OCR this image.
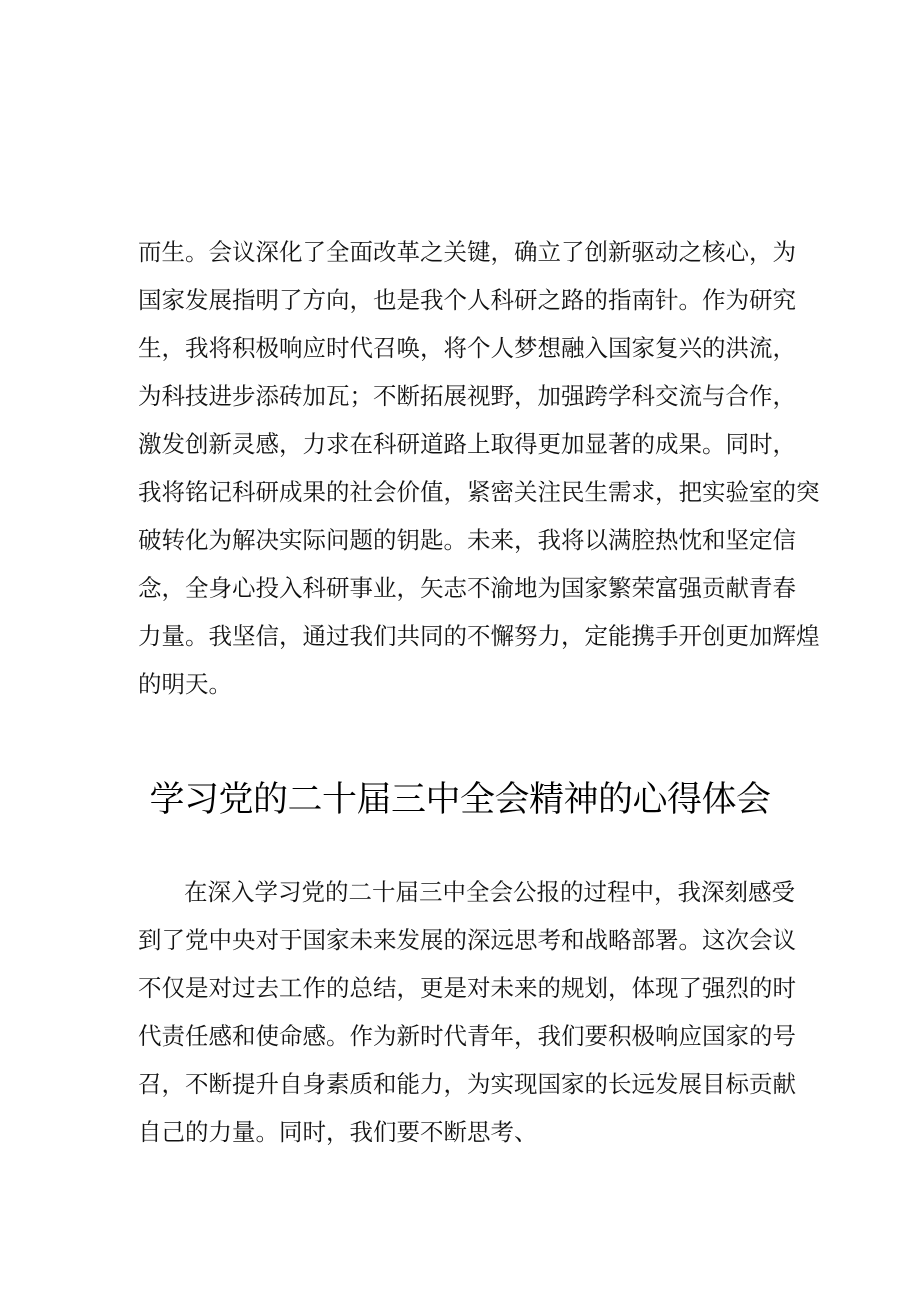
而生。会议深化了全面改革之关键，确立了创新驱动之核心，为
国家发展指明了方向，也是我个人科研之路的指南针。作为研究
生，我将积极响应时代召唤，将个人梦想融入国家复兴的洪流，
为科技进步添砖加瓦；不断拓展视野，加强跨学科交流与合作，
激发创新灵感，力求在科研道路上取得更加显著的成果。同时，
我将铭记科研成果的社会价值，紧密关注民生需求，把实验室的突
破转化为解决实际问题的钥匙。未来，我将以满腔热忱和坚定信
念，全身心投入科研事业，矢志不渝地为国家繁荣富强贡献青春
力量。我坚信，通过我们共同的不懈努力，定能携手开创更加辉煌
的明天。
学习党的二十届三中全会精神的心得体会
在深入学习党的二十届三中全会公报的过程中，我深刻感受
到了党中央对于国家未来发展的深远思考和战略部署。这次会议
不仅是对过去工作的总结，更是对未来的规划，体现了强烈的时
代责任感和使命感。作为新时代青年，我们要积极响应国家的号
召，不断提升自身素质和能力，为实现国家的长远发展目标贡献
自己的力量。同时，我们要不断思考、
